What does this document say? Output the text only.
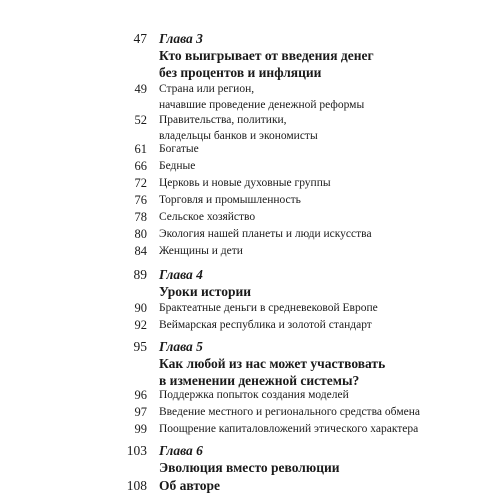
47 Глава 3
Кто выигрывает от введения денег
без процентов и инфляции
49 Страна или регион,
начавшие проведение денежной реформы
52 Правительства, политики,
владельцы банков и экономисты
61 Богатые
66 Бедные
72 Церковь и новые духовные группы
76 Торговля и промышленность
78 Сельское хозяйство
80 Экология нашей планеты и люди искусства
84 Женщины и дети
89 Глава 4
Уроки истории
90 Брактеатные деньги в средневековой Европе
92 Веймарская республика и золотой стандарт
95 Глава 5
Как любой из нас может участвовать
в изменении денежной системы?
96 Поддержка попыток создания моделей
97 Введение местного и регионального средства обмена
99 Поощрение капиталовложений этического характера
103 Глава 6
Эволюция вместо революции
108 Об авторе
